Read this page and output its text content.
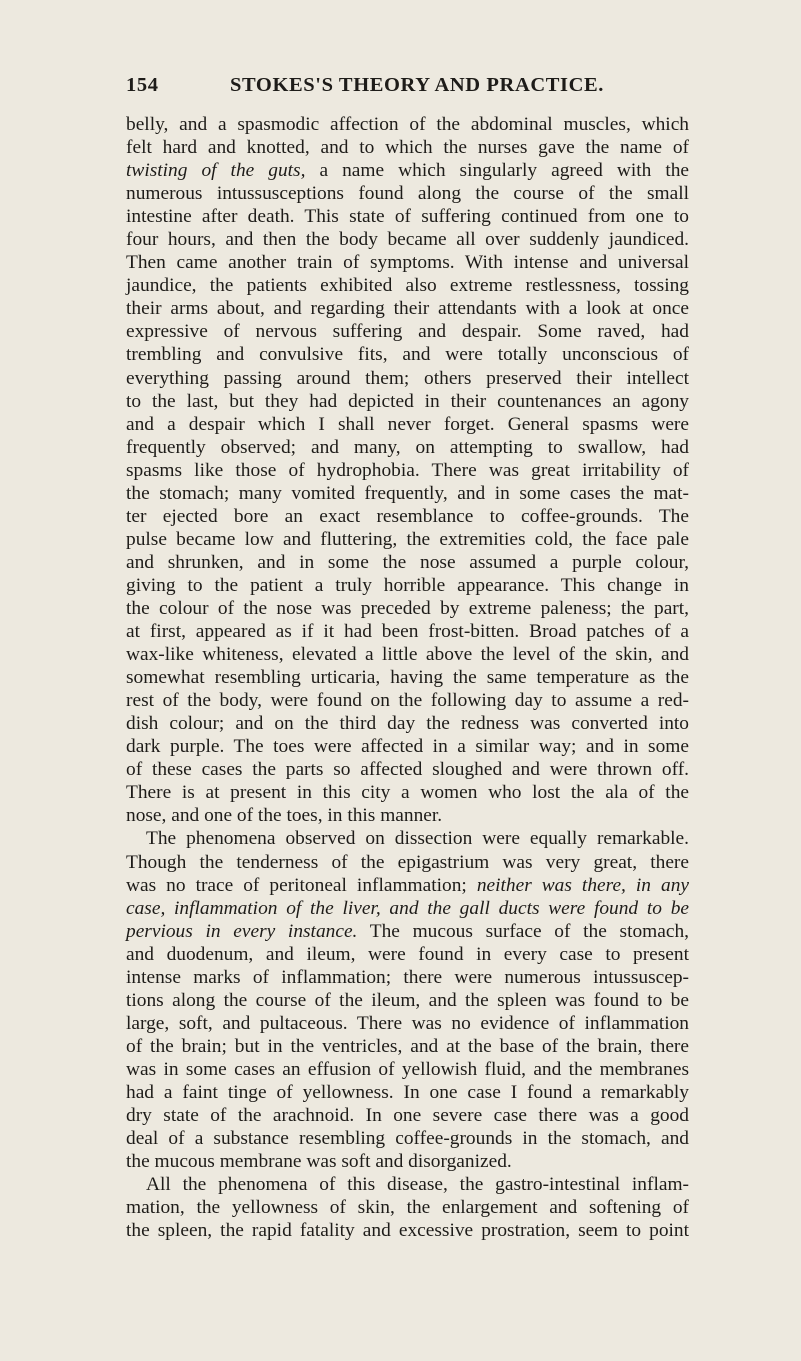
154	STOKES'S THEORY AND PRACTICE.
belly, and a spasmodic affection of the abdominal muscles, which
felt hard and knotted, and to which the nurses gave the name of
twisting of the guts, a name which singularly agreed with the
numerous intussusceptions found along the course of the small
intestine after death. This state of suffering continued from one to
four hours, and then the body became all over suddenly jaundiced.
Then came another train of symptoms. With intense and universal
jaundice, the patients exhibited also extreme restlessness, tossing
their arms about, and regarding their attendants with a look at once
expressive of nervous suffering and despair. Some raved, had
trembling and convulsive fits, and were totally unconscious of
everything passing around them; others preserved their intellect
to the last, but they had depicted in their countenances an agony
and a despair which I shall never forget. General spasms were
frequently observed; and many, on attempting to swallow, had
spasms like those of hydrophobia. There was great irritability of
the stomach; many vomited frequently, and in some cases the mat-
ter ejected bore an exact resemblance to coffee-grounds. The
pulse became low and fluttering, the extremities cold, the face pale
and shrunken, and in some the nose assumed a purple colour,
giving to the patient a truly horrible appearance. This change in
the colour of the nose was preceded by extreme paleness; the part,
at first, appeared as if it had been frost-bitten. Broad patches of a
wax-like whiteness, elevated a little above the level of the skin, and
somewhat resembling urticaria, having the same temperature as the
rest of the body, were found on the following day to assume a red-
dish colour; and on the third day the redness was converted into
dark purple. The toes were affected in a similar way; and in some
of these cases the parts so affected sloughed and were thrown off.
There is at present in this city a women who lost the ala of the
nose, and one of the toes, in this manner.
The phenomena observed on dissection were equally remarkable.
Though the tenderness of the epigastrium was very great, there
was no trace of peritoneal inflammation; neither was there, in any
case, inflammation of the liver, and the gall ducts were found to be
pervious in every instance. The mucous surface of the stomach,
and duodenum, and ileum, were found in every case to present
intense marks of inflammation; there were numerous intussuscep-
tions along the course of the ileum, and the spleen was found to be
large, soft, and pultaceous. There was no evidence of inflammation
of the brain; but in the ventricles, and at the base of the brain, there
was in some cases an effusion of yellowish fluid, and the membranes
had a faint tinge of yellowness. In one case I found a remarkably
dry state of the arachnoid. In one severe case there was a good
deal of a substance resembling coffee-grounds in the stomach, and
the mucous membrane was soft and disorganized.
All the phenomena of this disease, the gastro-intestinal inflam-
mation, the yellowness of skin, the enlargement and softening of
the spleen, the rapid fatality and excessive prostration, seem to point
